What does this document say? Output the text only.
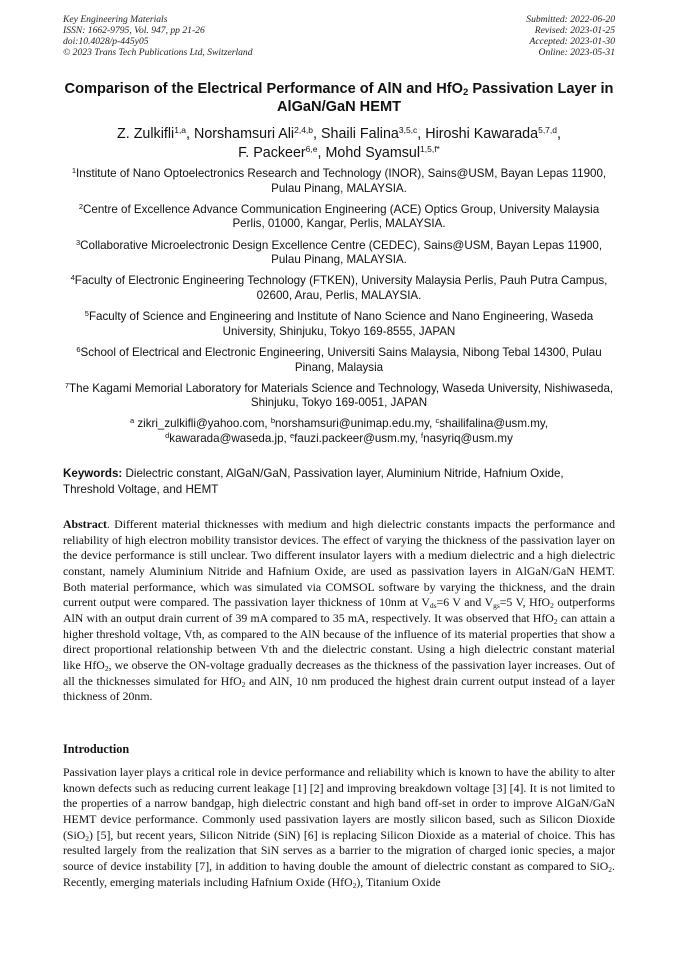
Key Engineering Materials
ISSN: 1662-9795, Vol. 947, pp 21-26
doi:10.4028/p-445y05
© 2023 Trans Tech Publications Ltd, Switzerland
Submitted: 2022-06-20
Revised: 2023-01-25
Accepted: 2023-01-30
Online: 2023-05-31
Comparison of the Electrical Performance of AlN and HfO$_2$ Passivation Layer in AlGaN/GaN HEMT
Z. Zulkifli$^{1,a}$, Norshamsuri Ali$^{2,4,b}$, Shaili Falina$^{3,5,c}$, Hiroshi Kawarada$^{5,7,d}$,
F. Packeer$^{6,e}$, Mohd Syamsul$^{1,5,f*}$
$^1$Institute of Nano Optoelectronics Research and Technology (INOR), Sains@USM, Bayan Lepas 11900, Pulau Pinang, MALAYSIA.
$^2$Centre of Excellence Advance Communication Engineering (ACE) Optics Group, University Malaysia Perlis, 01000, Kangar, Perlis, MALAYSIA.
$^3$Collaborative Microelectronic Design Excellence Centre (CEDEC), Sains@USM, Bayan Lepas 11900, Pulau Pinang, MALAYSIA.
$^4$Faculty of Electronic Engineering Technology (FTKEN), University Malaysia Perlis, Pauh Putra Campus, 02600, Arau, Perlis, MALAYSIA.
$^5$Faculty of Science and Engineering and Institute of Nano Science and Nano Engineering, Waseda University, Shinjuku, Tokyo 169-8555, JAPAN
$^6$School of Electrical and Electronic Engineering, Universiti Sains Malaysia, Nibong Tebal 14300, Pulau Pinang, Malaysia
$^7$The Kagami Memorial Laboratory for Materials Science and Technology, Waseda University, Nishiwaseda, Shinjuku, Tokyo 169-0051, JAPAN
$^a$ zikri_zulkifli@yahoo.com, $^b$norshamsuri@unimap.edu.my, $^c$shailifalina@usm.my,
$^d$kawarada@waseda.jp, $^e$fauzi.packeer@usm.my, $^f$nasyriq@usm.my
Keywords: Dielectric constant, AlGaN/GaN, Passivation layer, Aluminium Nitride, Hafnium Oxide, Threshold Voltage, and HEMT
Abstract. Different material thicknesses with medium and high dielectric constants impacts the performance and reliability of high electron mobility transistor devices. The effect of varying the thickness of the passivation layer on the device performance is still unclear. Two different insulator layers with a medium dielectric and a high dielectric constant, namely Aluminium Nitride and Hafnium Oxide, are used as passivation layers in AlGaN/GaN HEMT. Both material performance, which was simulated via COMSOL software by varying the thickness, and the drain current output were compared. The passivation layer thickness of 10nm at $V_{ds}=6$ V and $V_{gs}=5$ V, HfO$_2$ outperforms AlN with an output drain current of 39 mA compared to 35 mA, respectively. It was observed that HfO$_2$ can attain a higher threshold voltage, Vth, as compared to the AlN because of the influence of its material properties that show a direct proportional relationship between Vth and the dielectric constant. Using a high dielectric constant material like HfO$_2$, we observe the ON-voltage gradually decreases as the thickness of the passivation layer increases. Out of all the thicknesses simulated for HfO$_2$ and AlN, 10 nm produced the highest drain current output instead of a layer thickness of 20nm.
Introduction
Passivation layer plays a critical role in device performance and reliability which is known to have the ability to alter known defects such as reducing current leakage [1] [2] and improving breakdown voltage [3] [4]. It is not limited to the properties of a narrow bandgap, high dielectric constant and high band off-set in order to improve AlGaN/GaN HEMT device performance. Commonly used passivation layers are mostly silicon based, such as Silicon Dioxide (SiO$_2$) [5], but recent years, Silicon Nitride (SiN) [6] is replacing Silicon Dioxide as a material of choice. This has resulted largely from the realization that SiN serves as a barrier to the migration of charged ionic species, a major source of device instability [7], in addition to having double the amount of dielectric constant as compared to SiO$_2$. Recently, emerging materials including Hafnium Oxide (HfO$_2$), Titanium Oxide
